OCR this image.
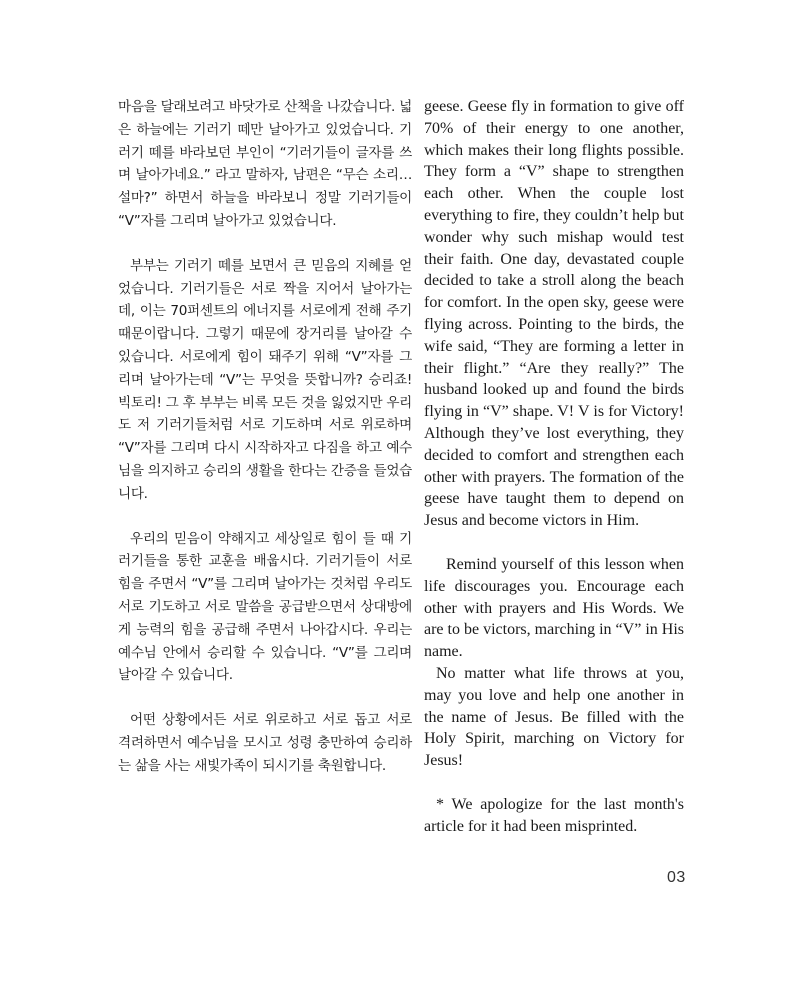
마음을 달래보려고 바닷가로 산책을 나갔습니다. 넓은 하늘에는 기러기 떼만 날아가고 있었습니다. 기러기 떼를 바라보던 부인이 “기러기들이 글자를 쓰며 날아가네요.” 라고 말하자, 남편은 “무슨 소리… 설마?” 하면서 하늘을 바라보니 정말 기러기들이 “V”자를 그리며 날아가고 있었습니다.

부부는 기러기 떼를 보면서 큰 믿음의 지혜를 얻었습니다. 기러기들은 서로 짝을 지어서 날아가는데, 이는 70퍼센트의 에너지를 서로에게 전해 주기 때문이랍니다. 그렇기 때문에 장거리를 날아갈 수 있습니다. 서로에게 힘이 돼주기 위해 “V”자를 그리며 날아가는데 “V”는 무엇을 뜻합니까? 승리죠! 빅토리! 그 후 부부는 비록 모든 것을 잃었지만 우리도 저 기러기들처럼 서로 기도하며 서로 위로하며 “V”자를 그리며 다시 시작하자고 다짐을 하고 예수님을 의지하고 승리의 생활을 한다는 간증을 들었습니다.

우리의 믿음이 약해지고 세상일로 힘이 들 때 기러기들을 통한 교훈을 배웁시다. 기러기들이 서로 힘을 주면서 “V”를 그리며 날아가는 것처럼 우리도 서로 기도하고 서로 말씀을 공급받으면서 상대방에게 능력의 힘을 공급해 주면서 나아갑시다. 우리는 예수님 안에서 승리할 수 있습니다. “V”를 그리며 날아갈 수 있습니다.

어떤 상황에서든 서로 위로하고 서로 돕고 서로 격려하면서 예수님을 모시고 성령 충만하여 승리하는 삶을 사는 새빛가족이 되시기를 축원합니다.

geese. Geese fly in formation to give off 70% of their energy to one another, which makes their long flights possible. They form a “V” shape to strengthen each other. When the couple lost everything to fire, they couldn’t help but wonder why such mishap would test their faith. One day, devastated couple decided to take a stroll along the beach for comfort. In the open sky, geese were flying across. Pointing to the birds, the wife said, “They are forming a letter in their flight.” “Are they really?” The husband looked up and found the birds flying in “V” shape. V! V is for Victory! Although they’ve lost everything, they decided to comfort and strengthen each other with prayers. The formation of the geese have taught them to depend on Jesus and become victors in Him.

Remind yourself of this lesson when life discourages you. Encourage each other with prayers and His Words. We are to be victors, marching in “V” in His name.

No matter what life throws at you, may you love and help one another in the name of Jesus. Be filled with the Holy Spirit, marching on Victory for Jesus!

* We apologize for the last month's article for it had been misprinted.

03
